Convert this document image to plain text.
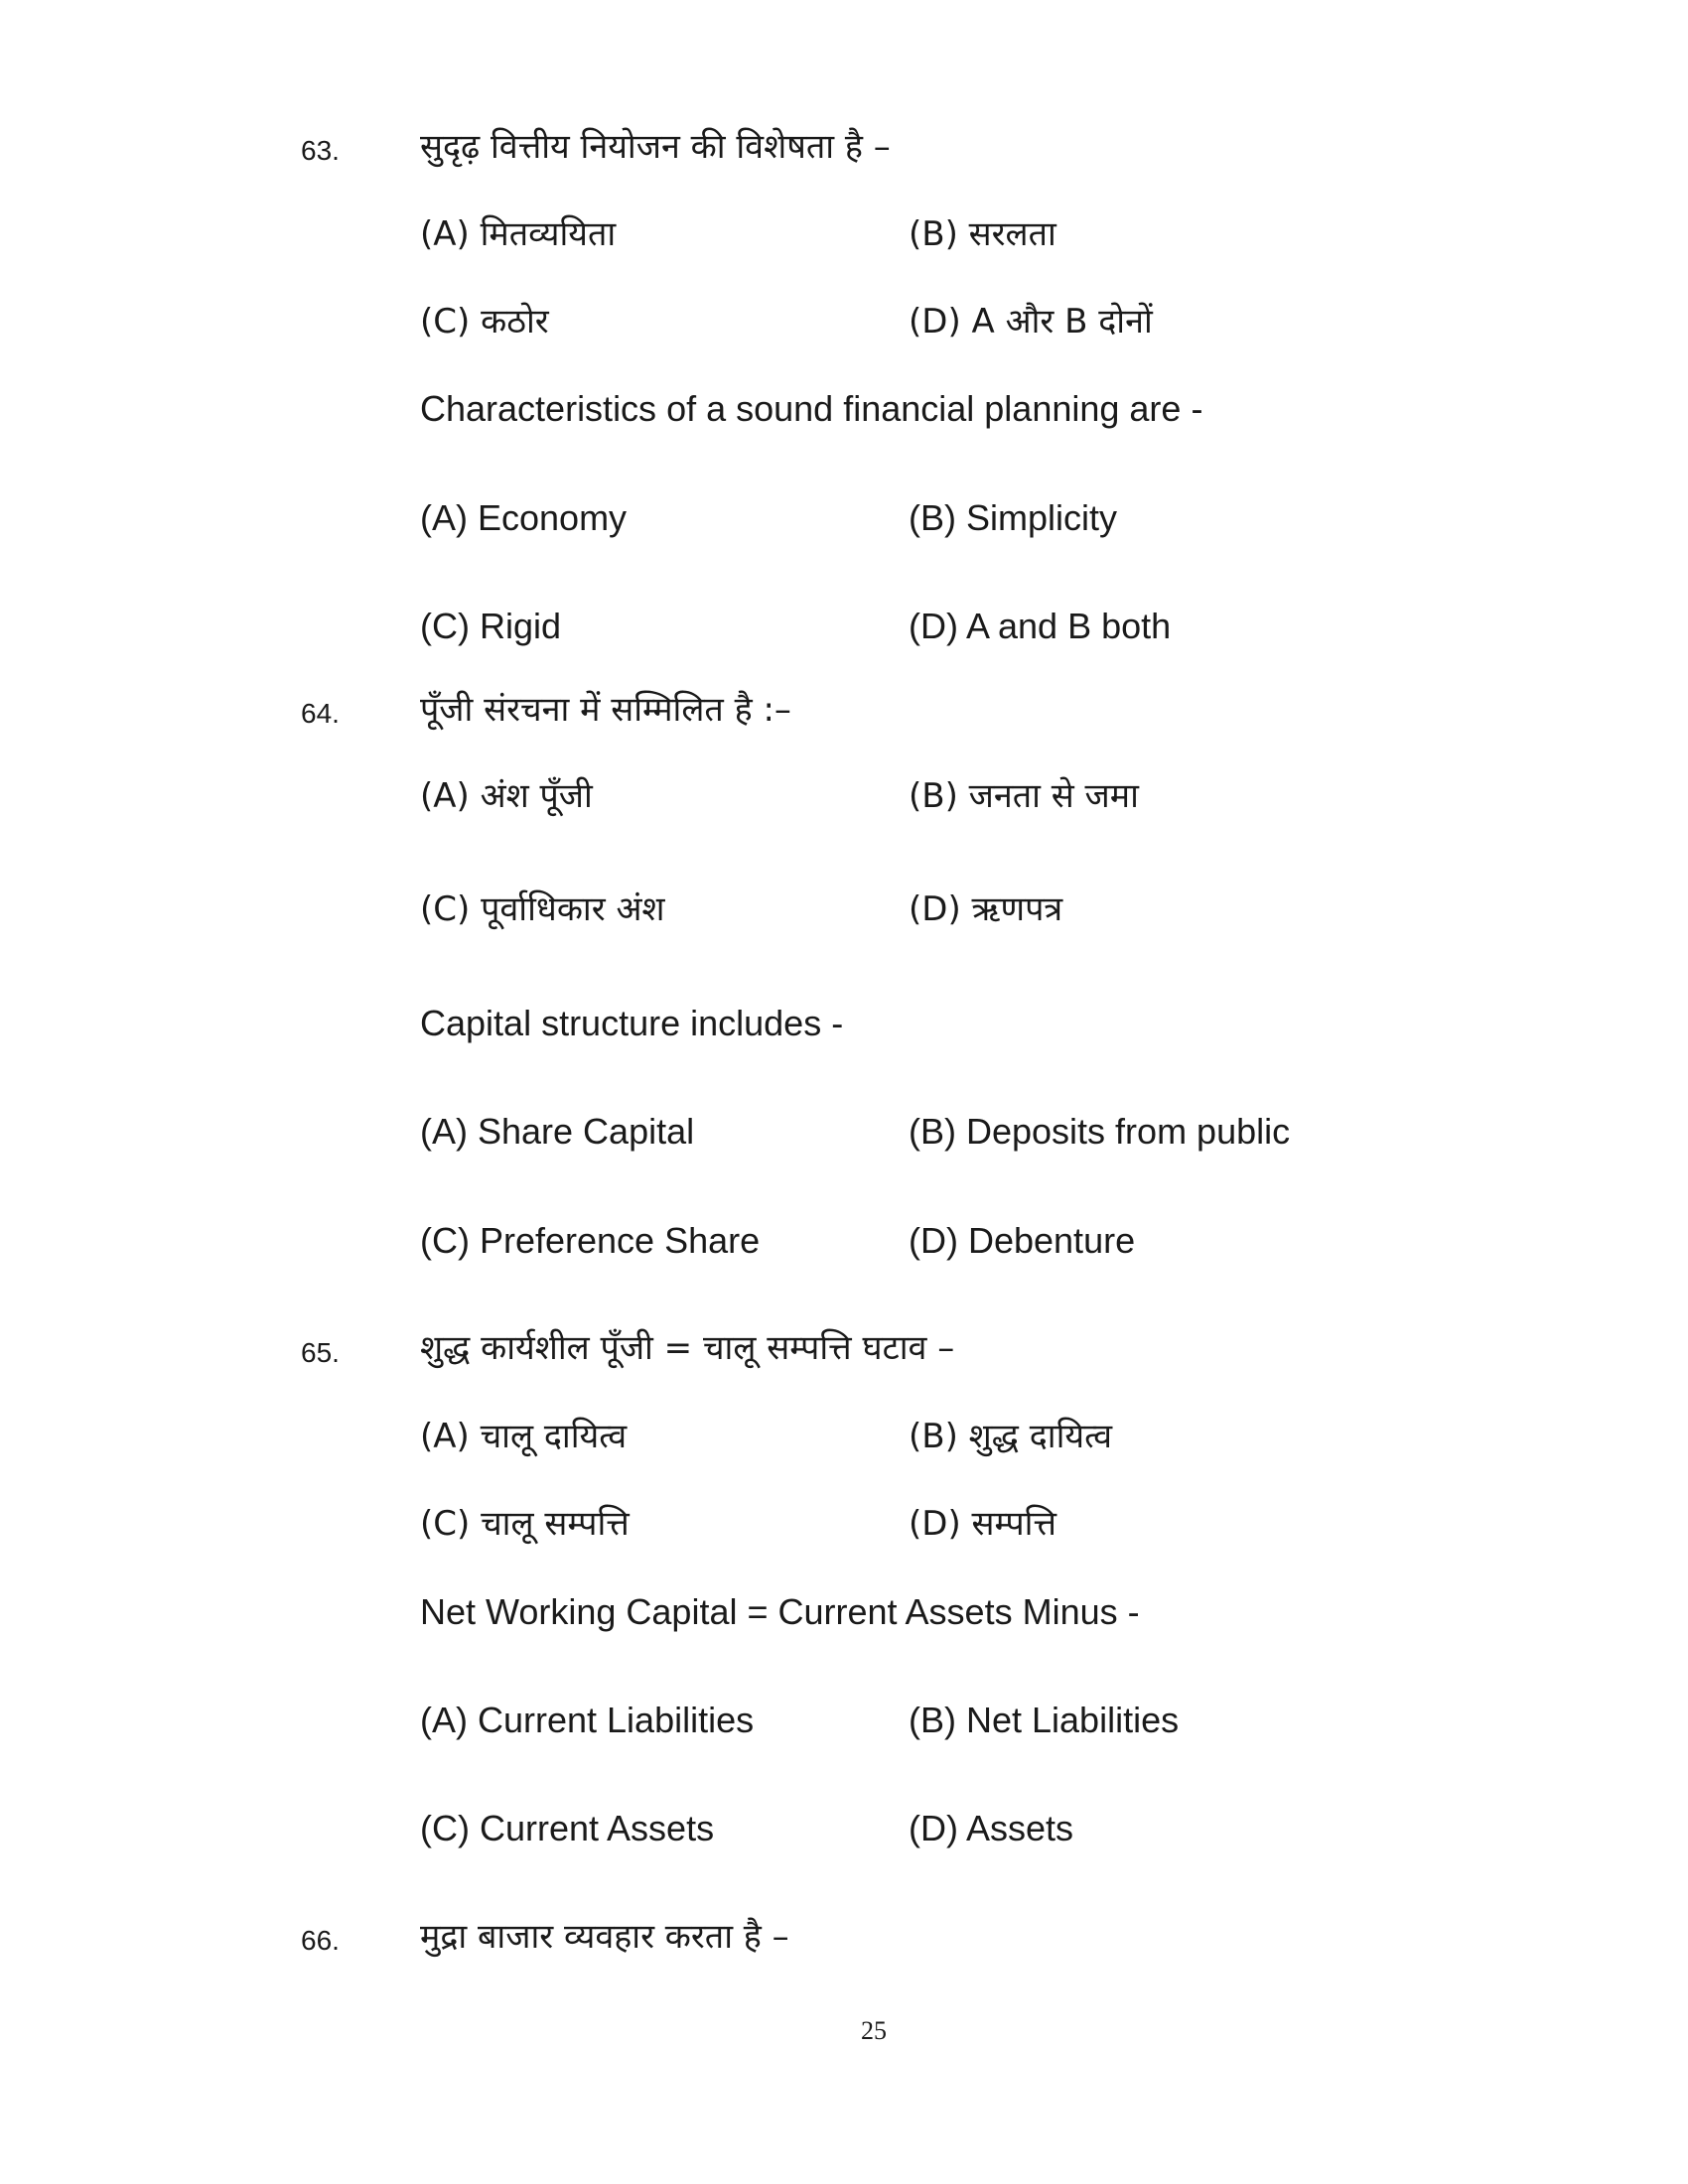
63. सुदृढ़ वित्तीय नियोजन की विशेषता है –
(A) मितव्ययिता	(B) सरलता
(C) कठोर	(D) A और B दोनों
Characteristics of a sound financial planning are -
(A) Economy	(B) Simplicity
(C) Rigid	(D) A and B both
64. पूँजी संरचना में सम्मिलित है :–
(A) अंश पूँजी	(B) जनता से जमा
(C) पूर्वाधिकार अंश	(D) ऋणपत्र
Capital structure includes -
(A) Share Capital	(B) Deposits from public
(C) Preference Share	(D) Debenture
65. शुद्ध कार्यशील पूँजी = चालू सम्पत्ति घटाव –
(A) चालू दायित्व	(B) शुद्ध दायित्व
(C) चालू सम्पत्ति	(D) सम्पत्ति
Net Working Capital = Current Assets Minus -
(A) Current Liabilities	(B) Net Liabilities
(C) Current Assets	(D) Assets
66. मुद्रा बाजार व्यवहार करता है –
25
